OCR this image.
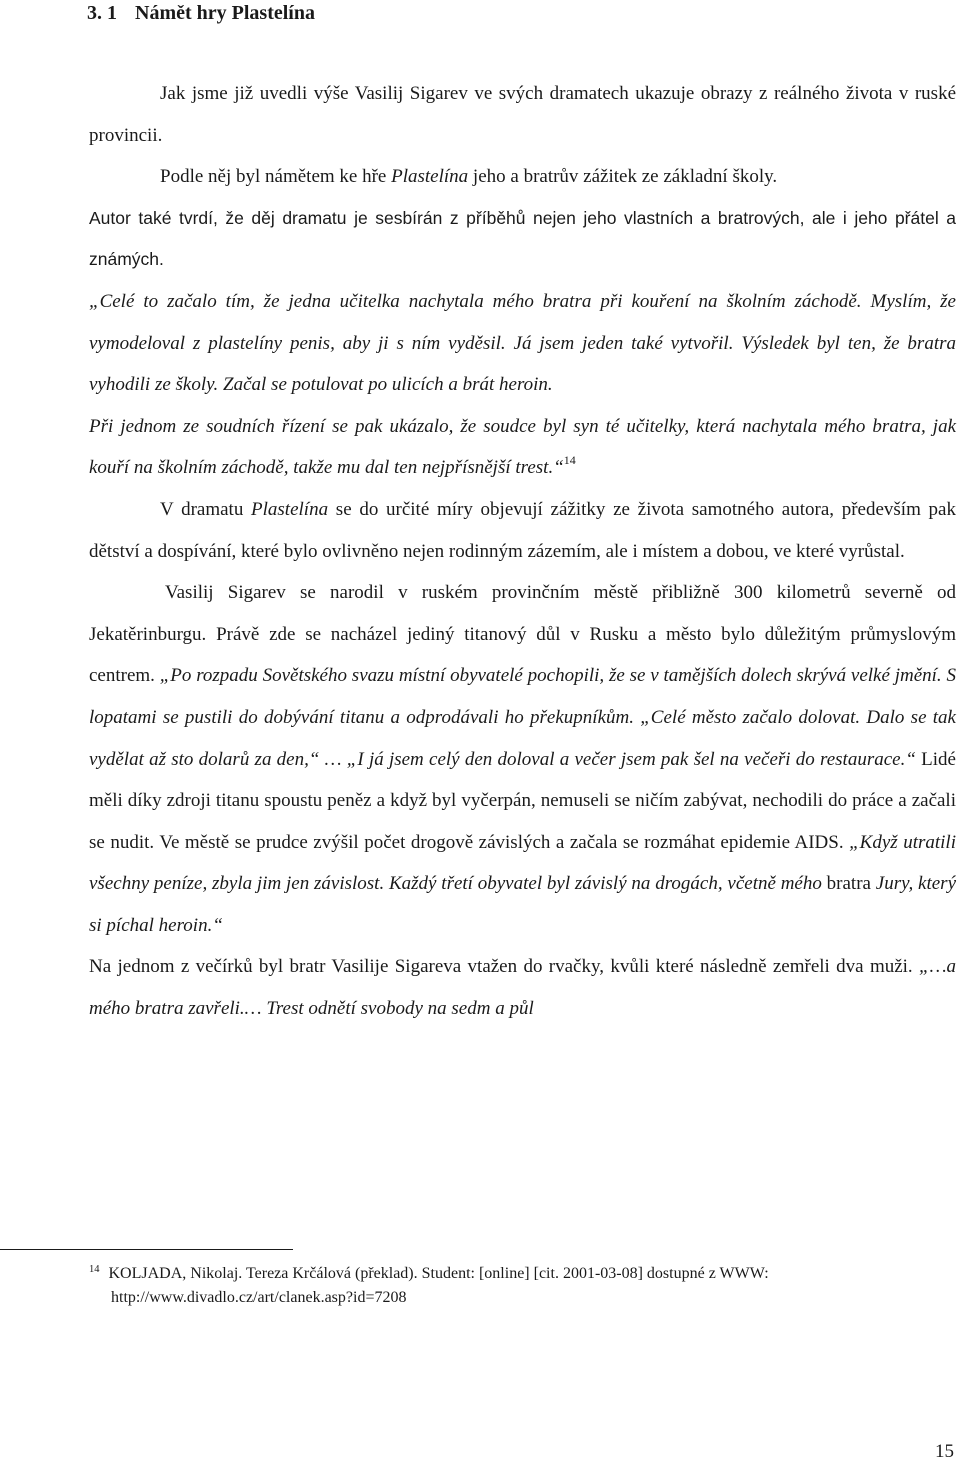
3. 1 Námět hry Plastelína

Jak jsme již uvedli výše Vasilij Sigarev ve svých dramatech ukazuje obrazy z reálného života v ruské provincii.

Podle něj byl námětem ke hře Plastelína jeho a bratrův zážitek ze základní školy.

Autor také tvrdí, že děj dramatu je sesbírán z příběhů nejen jeho vlastních a bratrových, ale i jeho přátel a známých.

„Celé to začalo tím, že jedna učitelka nachytala mého bratra při kouření na školním záchodě. Myslím, že vymodeloval z plastelíny penis, aby ji s ním vyděsil. Já jsem jeden také vytvořil. Výsledek byl ten, že bratra vyhodili ze školy. Začal se potulovat po ulicích a brát heroin.

Při jednom ze soudních řízení se pak ukázalo, že soudce byl syn té učitelky, která nachytala mého bratra, jak kouří na školním záchodě, takže mu dal ten nejpřísnější trest.“$^{14}$

V dramatu Plastelína se do určité míry objevují zážitky ze života samotného autora, především pak dětství a dospívání, které bylo ovlivněno nejen rodinným zázemím, ale i místem a dobou, ve které vyrůstal.

Vasilij Sigarev se narodil v ruském provinčním městě přibližně 300 kilometrů severně od Jekatěrinburgu. Právě zde se nacházel jediný titanový důl v Rusku a město bylo důležitým průmyslovým centrem. „Po rozpadu Sovětského svazu místní obyvatelé pochopili, že se v tamějších dolech skrývá velké jmění. S lopatami se pustili do dobývání titanu a odprodávali ho překupníkům. „Celé město začalo dolovat. Dalo se tak vydělat až sto dolarů za den,“ … „I já jsem celý den doloval a večer jsem pak šel na večeři do restaurace.“ Lidé měli díky zdroji titanu spoustu peněz a když byl vyčerpán, nemuseli se ničím zabývat, nechodili do práce a začali se nudit. Ve městě se prudce zvýšil počet drogově závislých a začala se rozmáhat epidemie AIDS. „Když utratili všechny peníze, zbyla jim jen závislost. Každý třetí obyvatel byl závislý na drogách, včetně mého bratra Jury, který si píchal heroin.“

Na jednom z večírků byl bratr Vasilije Sigareva vtažen do rvačky, kvůli které následně zemřeli dva muži. „…a mého bratra zavřeli.… Trest odnětí svobody na sedm a půl

$^{14}$ KOLJADA, Nikolaj. Tereza Krčálová (překlad). Student: [online] [cit. 2001-03-08] dostupné z WWW:
http://www.divadlo.cz/art/clanek.asp?id=7208
15
